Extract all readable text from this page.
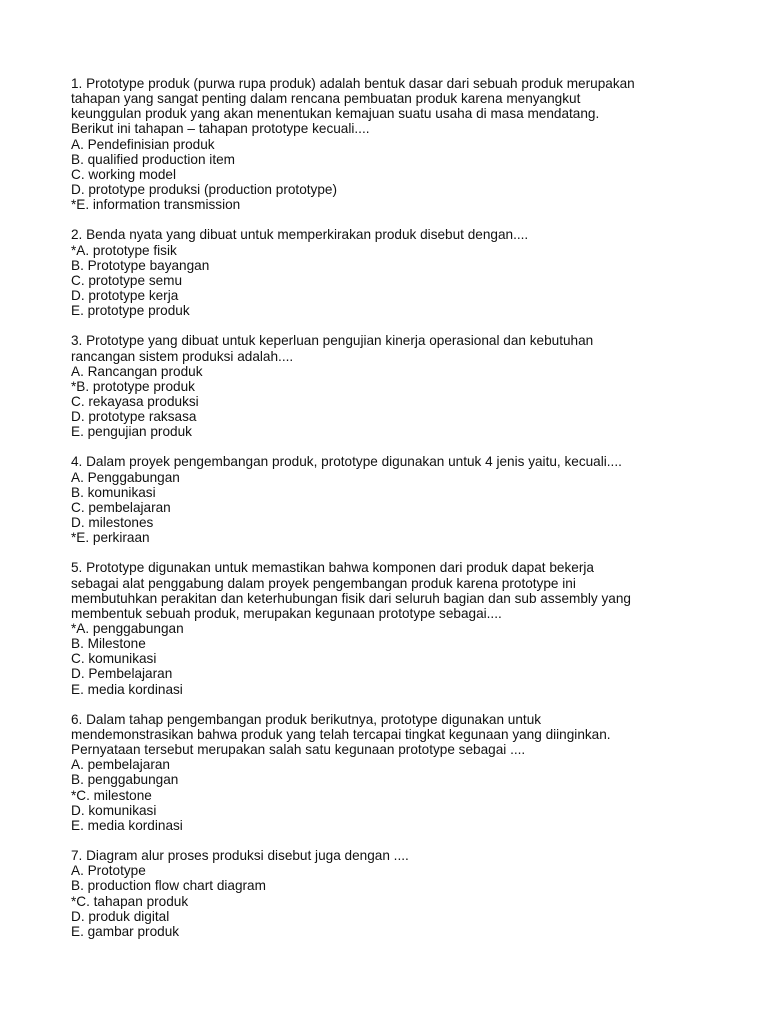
1. Prototype produk (purwa rupa produk) adalah bentuk dasar dari sebuah produk merupakan
tahapan yang sangat penting dalam rencana pembuatan produk karena menyangkut
keunggulan produk yang akan menentukan kemajuan suatu usaha di masa mendatang.
Berikut ini tahapan – tahapan prototype kecuali....
A. Pendefinisian produk
B. qualified production item
C. working model
D. prototype produksi (production prototype)
*E. information transmission
2. Benda nyata yang dibuat untuk memperkirakan produk disebut dengan....
*A. prototype fisik
B. Prototype bayangan
C. prototype semu
D. prototype kerja
E. prototype produk
3. Prototype yang dibuat untuk keperluan pengujian kinerja operasional dan kebutuhan
rancangan sistem produksi adalah....
A. Rancangan produk
*B. prototype produk
C. rekayasa produksi
D. prototype raksasa
E. pengujian produk
4. Dalam proyek pengembangan produk, prototype digunakan untuk 4 jenis yaitu, kecuali....
A. Penggabungan
B. komunikasi
C. pembelajaran
D. milestones
*E. perkiraan
5. Prototype digunakan untuk memastikan bahwa komponen dari produk dapat bekerja
sebagai alat penggabung dalam proyek pengembangan produk karena prototype ini
membutuhkan perakitan dan keterhubungan fisik dari seluruh bagian dan sub assembly yang
membentuk sebuah produk, merupakan kegunaan prototype sebagai....
*A. penggabungan
B. Milestone
C. komunikasi
D. Pembelajaran
E. media kordinasi
6. Dalam tahap pengembangan produk berikutnya, prototype digunakan untuk
mendemonstrasikan bahwa produk yang telah tercapai tingkat kegunaan yang diinginkan.
Pernyataan tersebut merupakan salah satu kegunaan prototype sebagai ....
A. pembelajaran
B. penggabungan
*C. milestone
D. komunikasi
E. media kordinasi
7. Diagram alur proses produksi disebut juga dengan ....
A. Prototype
B. production flow chart diagram
*C. tahapan produk
D. produk digital
E. gambar produk
